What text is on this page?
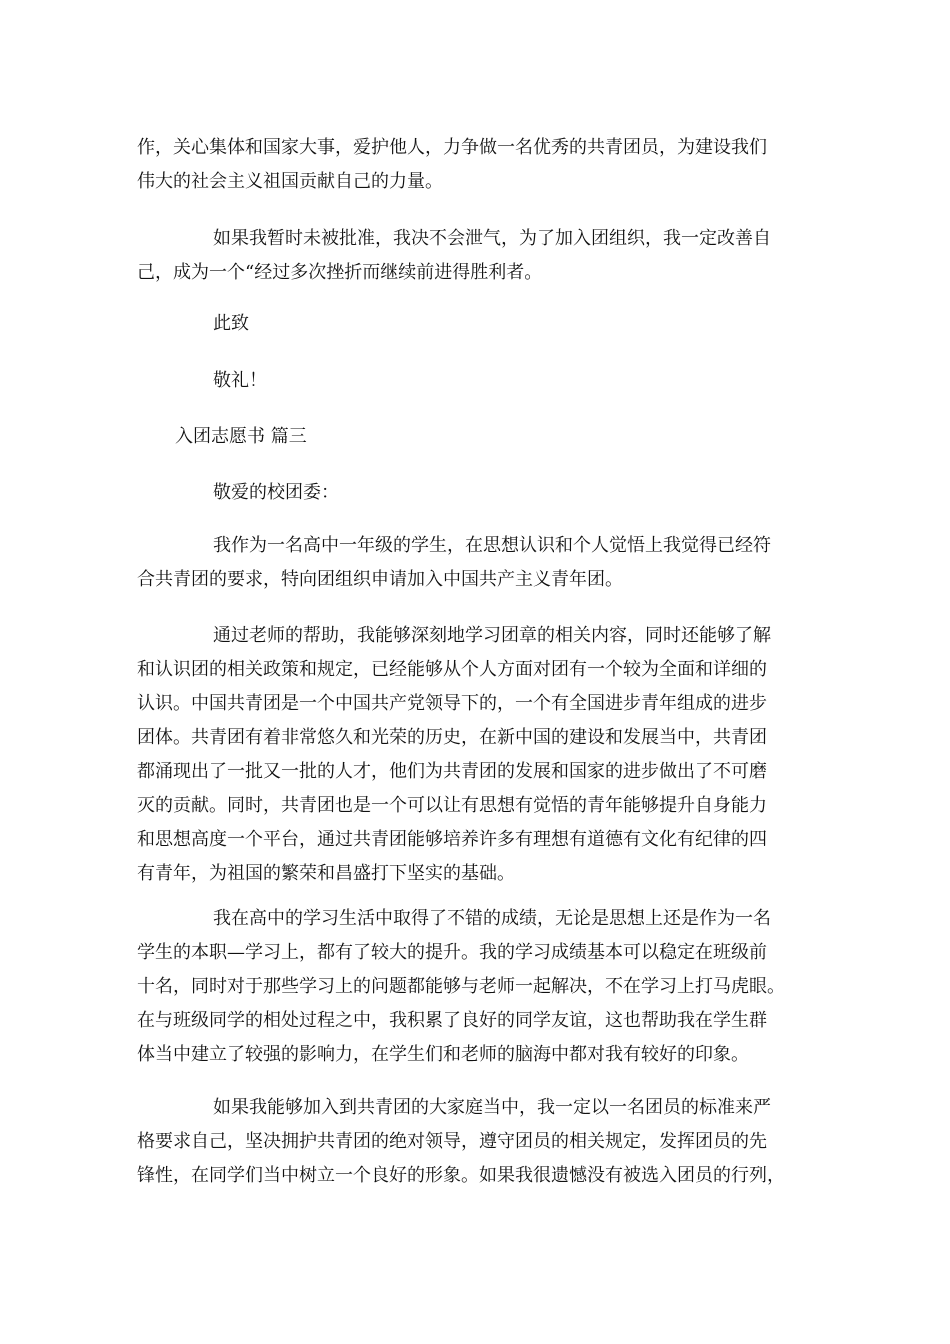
作，关心集体和国家大事，爱护他人，力争做一名优秀的共青团员，为建设我们
伟大的社会主义祖国贡献自己的力量。
如果我暂时未被批准，我决不会泄气，为了加入团组织，我一定改善自
己，成为一个“经过多次挫折而继续前进得胜利者。
此致
敬礼！
入团志愿书 篇三
敬爱的校团委：
我作为一名高中一年级的学生，在思想认识和个人觉悟上我觉得已经符
合共青团的要求，特向团组织申请加入中国共产主义青年团。
通过老师的帮助，我能够深刻地学习团章的相关内容，同时还能够了解
和认识团的相关政策和规定，已经能够从个人方面对团有一个较为全面和详细的
认识。中国共青团是一个中国共产党领导下的，一个有全国进步青年组成的进步
团体。共青团有着非常悠久和光荣的历史，在新中国的建设和发展当中，共青团
都涌现出了一批又一批的人才，他们为共青团的发展和国家的进步做出了不可磨
灭的贡献。同时，共青团也是一个可以让有思想有觉悟的青年能够提升自身能力
和思想高度一个平台，通过共青团能够培养许多有理想有道德有文化有纪律的四
有青年，为祖国的繁荣和昌盛打下坚实的基础。
我在高中的学习生活中取得了不错的成绩，无论是思想上还是作为一名
学生的本职—学习上，都有了较大的提升。我的学习成绩基本可以稳定在班级前
十名，同时对于那些学习上的问题都能够与老师一起解决，不在学习上打马虎眼。
在与班级同学的相处过程之中，我积累了良好的同学友谊，这也帮助我在学生群
体当中建立了较强的影响力，在学生们和老师的脑海中都对我有较好的印象。
如果我能够加入到共青团的大家庭当中，我一定以一名团员的标准来严
格要求自己，坚决拥护共青团的绝对领导，遵守团员的相关规定，发挥团员的先
锋性，在同学们当中树立一个良好的形象。如果我很遗憾没有被选入团员的行列，
